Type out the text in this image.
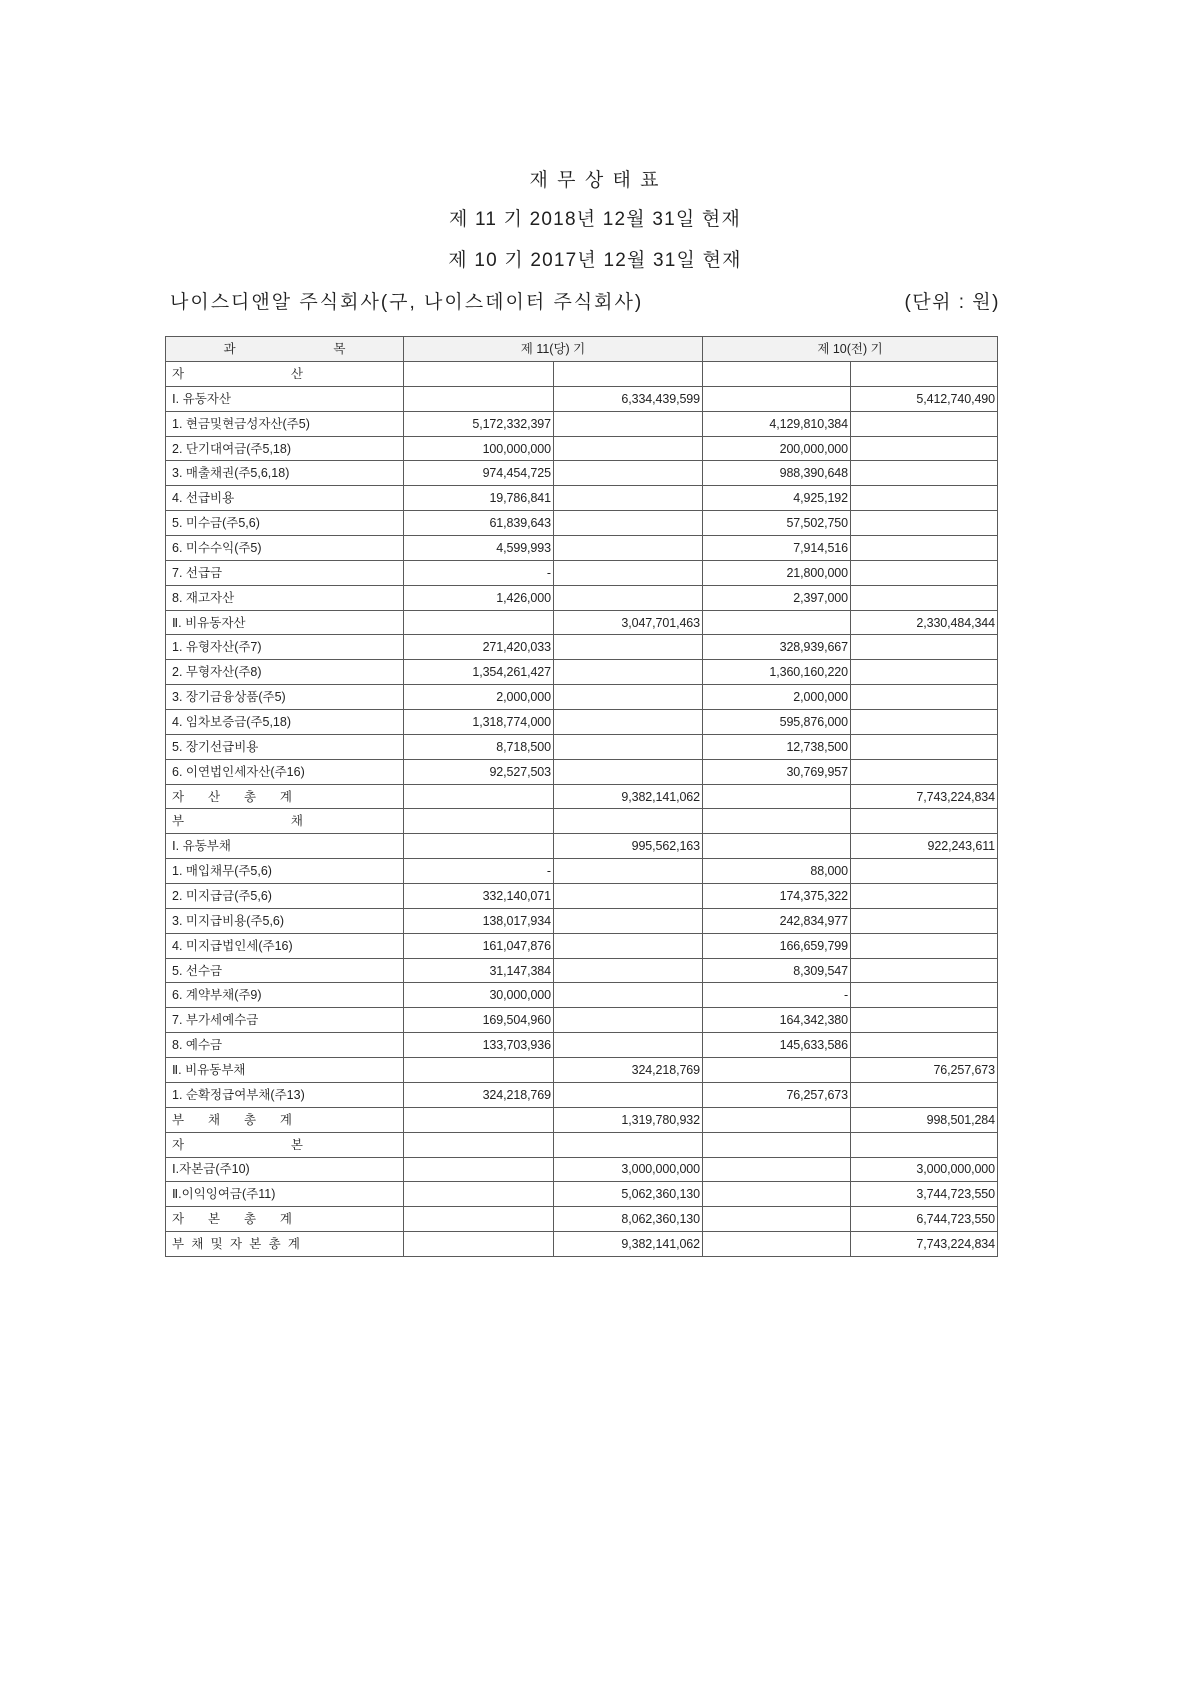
재 무 상 태 표
제 11 기 2018년 12월 31일 현재
제 10 기 2017년 12월 31일 현재
나이스디앤알 주식회사(구, 나이스데이터 주식회사)	(단위 : 원)
과 목	제 11(당) 기		제 10(전) 기	
자 산				
Ⅰ. 유동자산		6,334,439,599		5,412,740,490
1. 현금및현금성자산(주5)	5,172,332,397		4,129,810,384	
2. 단기대여금(주5,18)	100,000,000		200,000,000	
3. 매출채권(주5,6,18)	974,454,725		988,390,648	
4. 선급비용	19,786,841		4,925,192	
5. 미수금(주5,6)	61,839,643		57,502,750	
6. 미수수익(주5)	4,599,993		7,914,516	
7. 선급금	-		21,800,000	
8. 재고자산	1,426,000		2,397,000	
Ⅱ. 비유동자산		3,047,701,463		2,330,484,344
1. 유형자산(주7)	271,420,033		328,939,667	
2. 무형자산(주8)	1,354,261,427		1,360,160,220	
3. 장기금융상품(주5)	2,000,000		2,000,000	
4. 임차보증금(주5,18)	1,318,774,000		595,876,000	
5. 장기선급비용	8,718,500		12,738,500	
6. 이연법인세자산(주16)	92,527,503		30,769,957	
자 산 총 계		9,382,141,062		7,743,224,834
부 채				
Ⅰ. 유동부채		995,562,163		922,243,611
1. 매입채무(주5,6)	-		88,000	
2. 미지급금(주5,6)	332,140,071		174,375,322	
3. 미지급비용(주5,6)	138,017,934		242,834,977	
4. 미지급법인세(주16)	161,047,876		166,659,799	
5. 선수금	31,147,384		8,309,547	
6. 계약부채(주9)	30,000,000		-	
7. 부가세예수금	169,504,960		164,342,380	
8. 예수금	133,703,936		145,633,586	
Ⅱ. 비유동부채		324,218,769		76,257,673
1. 순확정급여부채(주13)	324,218,769		76,257,673	
부 채 총 계		1,319,780,932		998,501,284
자 본				
Ⅰ.자본금(주10)		3,000,000,000		3,000,000,000
Ⅱ.이익잉여금(주11)		5,062,360,130		3,744,723,550
자 본 총 계		8,062,360,130		6,744,723,550
부 채 및 자 본 총 계		9,382,141,062		7,743,224,834
